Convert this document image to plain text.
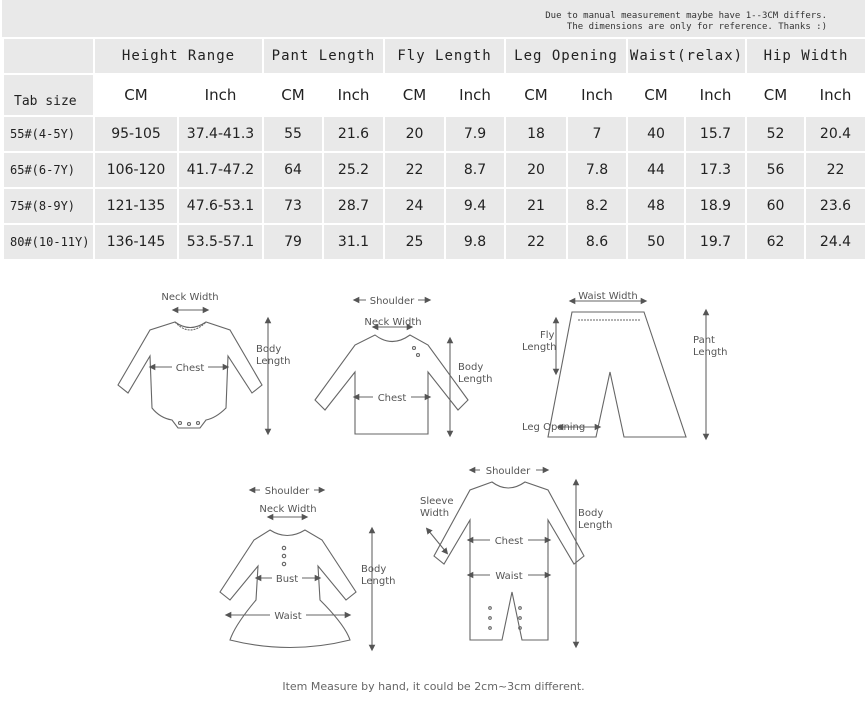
Due to manual measurement maybe have 1--3CM differs.
The dimensions are only for reference. Thanks :)
	Height Range		Pant Length		Fly Length		Leg Opening		Waist(relax)		Hip Width	
Tab size	CM	Inch	CM	Inch	CM	Inch	CM	Inch	CM	Inch	CM	Inch
55#(4-5Y)	95-105	37.4-41.3	55	21.6	20	7.9	18	7	40	15.7	52	20.4
65#(6-7Y)	106-120	41.7-47.2	64	25.2	22	8.7	20	7.8	44	17.3	56	22
75#(8-9Y)	121-135	47.6-53.1	73	28.7	24	9.4	21	8.2	48	18.9	60	23.6
80#(10-11Y)	136-145	53.5-57.1	79	31.1	25	9.8	22	8.6	50	19.7	62	24.4
Neck Width
Chest
Body
Length
Shoulder
Neck Width
Chest
Body
Length
Waist Width
Fly
Length
Pant
Length
Leg Opening
Shoulder
Neck Width
Bust
Waist
Body
Length
Shoulder
Sleeve
Width
Chest
Waist
Body
Length
Item Measure by hand, it could be 2cm~3cm different.
